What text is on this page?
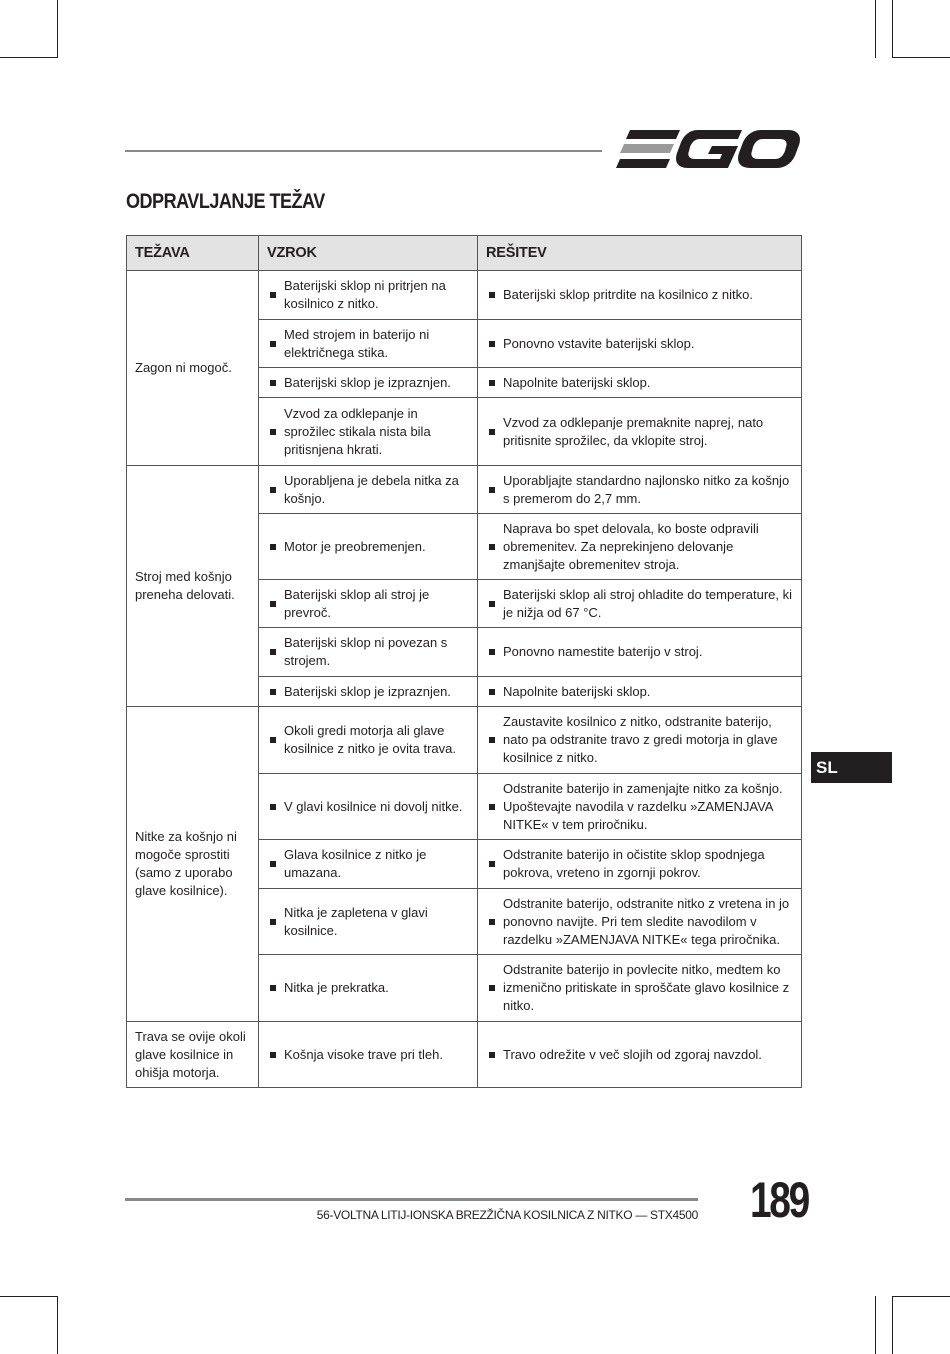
ODPRAVLJANJE TEŽAV
TEŽAVA	VZROK	REŠITEV
Zagon ni mogoč.	Baterijski sklop ni pritrjen na kosilnico z nitko.	Baterijski sklop pritrdite na kosilnico z nitko.
	Med strojem in baterijo ni električnega stika.	Ponovno vstavite baterijski sklop.
	Baterijski sklop je izpraznjen.	Napolnite baterijski sklop.
	Vzvod za odklepanje in sprožilec stikala nista bila pritisnjena hkrati.	Vzvod za odklepanje premaknite naprej, nato pritisnite sprožilec, da vklopite stroj.
Stroj med košnjo preneha delovati.	Uporabljena je debela nitka za košnjo.	Uporabljajte standardno najlonsko nitko za košnjo s premerom do 2,7 mm.
	Motor je preobremenjen.	Naprava bo spet delovala, ko boste odpravili obremenitev. Za neprekinjeno delovanje zmanjšajte obremenitev stroja.
	Baterijski sklop ali stroj je prevroč.	Baterijski sklop ali stroj ohladite do temperature, ki je nižja od 67 °C.
	Baterijski sklop ni povezan s strojem.	Ponovno namestite baterijo v stroj.
	Baterijski sklop je izpraznjen.	Napolnite baterijski sklop.
Nitke za košnjo ni mogoče sprostiti (samo z uporabo glave kosilnice).	Okoli gredi motorja ali glave kosilnice z nitko je ovita trava.	Zaustavite kosilnico z nitko, odstranite baterijo, nato pa odstranite travo z gredi motorja in glave kosilnice z nitko.
	V glavi kosilnice ni dovolj nitke.	Odstranite baterijo in zamenjajte nitko za košnjo. Upoštevajte navodila v razdelku »ZAMENJAVA NITKE« v tem priročniku.
	Glava kosilnice z nitko je umazana.	Odstranite baterijo in očistite sklop spodnjega pokrova, vreteno in zgornji pokrov.
	Nitka je zapletena v glavi kosilnice.	Odstranite baterijo, odstranite nitko z vretena in jo ponovno navijte. Pri tem sledite navodilom v razdelku »ZAMENJAVA NITKE« tega priročnika.
	Nitka je prekratka.	Odstranite baterijo in povlecite nitko, medtem ko izmenično pritiskate in sproščate glavo kosilnice z nitko.
Trava se ovije okoli glave kosilnice in ohišja motorja.	Košnja visoke trave pri tleh.	Travo odrežite v več slojih od zgoraj navzdol.
SL
56-VOLTNA LITIJ-IONSKA BREZŽIČNA KOSILNICA Z NITKO — STX4500 189
